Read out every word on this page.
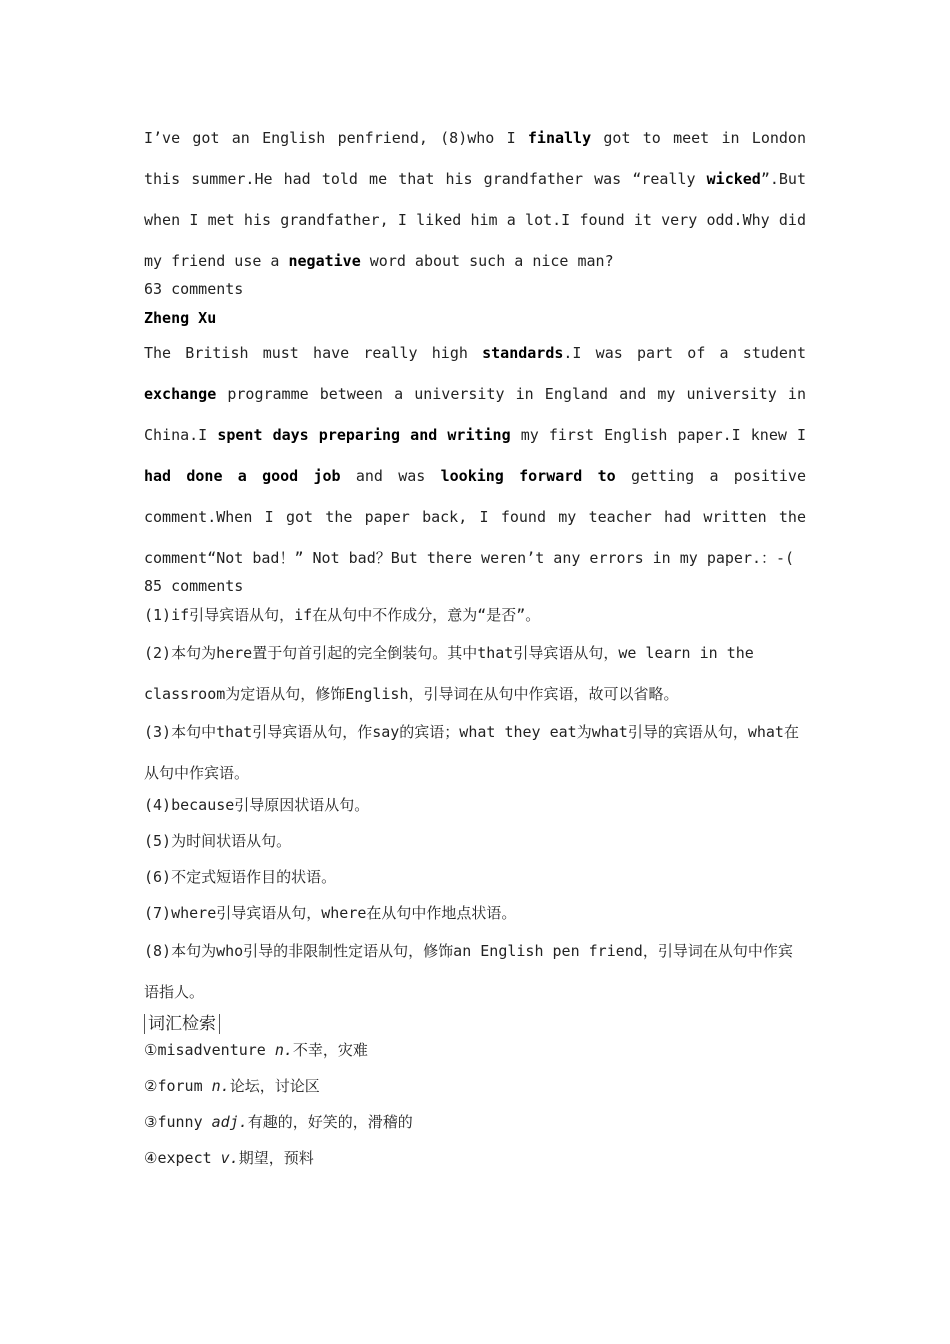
I’ve got an English penfriend, (8)who I finally got to meet in London this summer.He had told me that his grandfather was “really wicked”.But when I met his grandfather, I liked him a lot.I found it very odd.Why did my friend use a negative word about such a nice man?

63 comments

Zheng Xu

The British must have really high standards.I was part of a student exchange programme between a university in England and my university in China.I spent days preparing and writing my first English paper.I knew I had done a good job and was looking forward to getting a positive comment.When I got the paper back, I found my teacher had written the comment“Not bad！” Not bad？But there weren’t any errors in my paper.：-(

85 comments

(1)if引导宾语从句，if在从句中不作成分，意为“是否”。

(2)本句为here置于句首引起的完全倒装句。其中that引导宾语从句，we learn in the classroom为定语从句，修饰English，引导词在从句中作宾语，故可以省略。

(3)本句中that引导宾语从句，作say的宾语；what they eat为what引导的宾语从句，what在从句中作宾语。

(4)because引导原因状语从句。

(5)为时间状语从句。

(6)不定式短语作目的状语。

(7)where引导宾语从句，where在从句中作地点状语。

(8)本句为who引导的非限制性定语从句，修饰an English pen friend，引导词在从句中作宾语指人。

词汇检索

①misadventure n.不幸，灾难

②forum n.论坛，讨论区

③funny adj.有趣的，好笑的，滑稽的

④expect v.期望，预料
